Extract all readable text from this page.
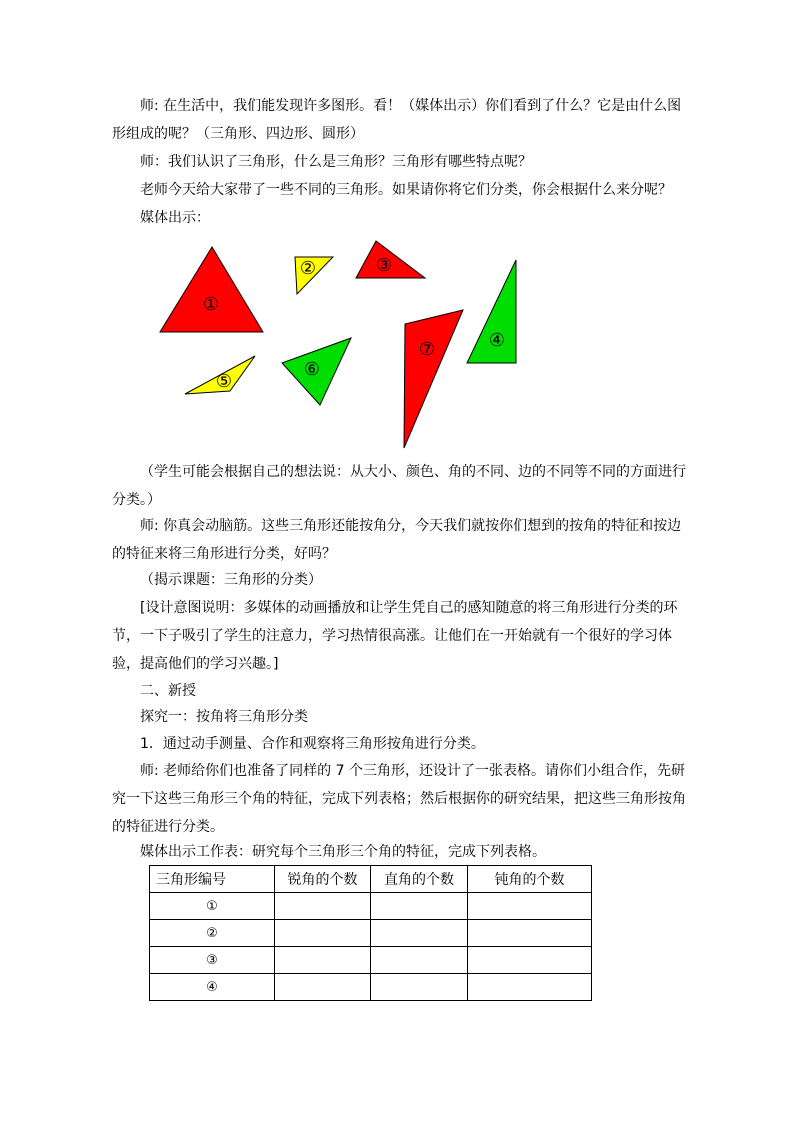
师: 在生活中，我们能发现许多图形。看！（媒体出示）你们看到了什么？它是由什么图形组成的呢？（三角形、四边形、圆形）

师：我们认识了三角形，什么是三角形？三角形有哪些特点呢？

老师今天给大家带了一些不同的三角形。如果请你将它们分类，你会根据什么来分呢？

媒体出示：

①
②	③
④
⑤
⑥
⑦

（学生可能会根据自己的想法说：从大小、颜色、角的不同、边的不同等不同的方面进行分类。）

师: 你真会动脑筋。这些三角形还能按角分，今天我们就按你们想到的按角的特征和按边的特征来将三角形进行分类，好吗？

（揭示课题：三角形的分类）

[设计意图说明：多媒体的动画播放和让学生凭自己的感知随意的将三角形进行分类的环节，一下子吸引了学生的注意力，学习热情很高涨。让他们在一开始就有一个很好的学习体验，提高他们的学习兴趣。]

二、新授

探究一：按角将三角形分类

1．通过动手测量、合作和观察将三角形按角进行分类。

师: 老师给你们也准备了同样的 7 个三角形，还设计了一张表格。请你们小组合作，先研究一下这些三角形三个角的特征，完成下列表格；然后根据你的研究结果，把这些三角形按角的特征进行分类。

媒体出示工作表：研究每个三角形三个角的特征，完成下列表格。

三角形编号	锐角的个数	直角的个数	钝角的个数
①			
②			
③			
④			
